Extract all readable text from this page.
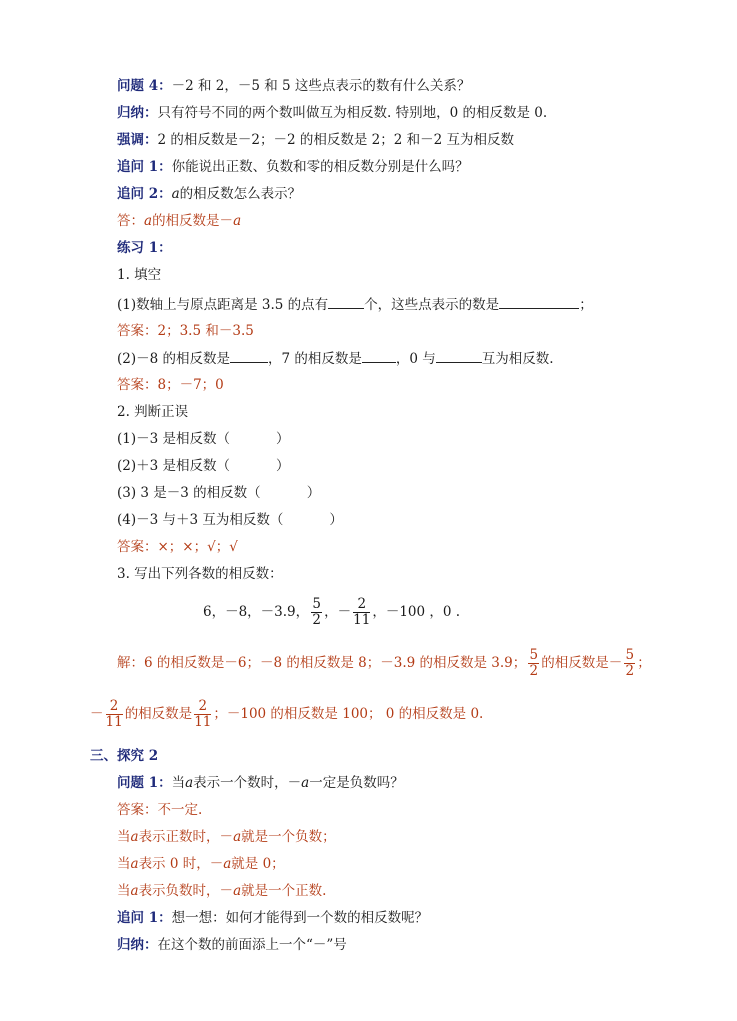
问题 4：－2 和 2，－5 和 5 这些点表示的数有什么关系？
归纳：只有符号不同的两个数叫做互为相反数. 特别地，0 的相反数是 0.
强调：2 的相反数是－2；－2 的相反数是 2；2 和－2 互为相反数
追问 1：你能说出正数、负数和零的相反数分别是什么吗？
追问 2：a的相反数怎么表示？
答：a的相反数是－a
练习 1：
1. 填空
(1)数轴上与原点距离是 3.5 的点有	个，这些点表示的数是	；
答案：2；3.5 和－3.5
(2)－8 的相反数是	，7 的相反数是	，0 与	互为相反数.
答案：8；－7；0
2. 判断正误
(1)－3 是相反数（	）
(2)＋3 是相反数（	）
(3) 3 是－3 的相反数（	）
(4)－3 与＋3 互为相反数（	）
答案：×；×；√；√
3. 写出下列各数的相反数：
6，－8，－3.9， $\frac{5}{2}$ ，－ $\frac{2}{11}$ ，－100 ，0 .
解：6 的相反数是－6；－8 的相反数是 8；－3.9 的相反数是 3.9； $\frac{5}{2}$ 的相反数是－ $\frac{5}{2}$ ；
－ $\frac{2}{11}$ 的相反数是 $\frac{2}{11}$ ；－100 的相反数是 100； 0 的相反数是 0.
三、探究 2
问题 1：当a表示一个数时，－a一定是负数吗？
答案：不一定.
当a表示正数时，－a就是一个负数；
当a表示 0 时，－a就是 0；
当a表示负数时，－a就是一个正数.
追问 1：想一想：如何才能得到一个数的相反数呢？
归纳：在这个数的前面添上一个“－”号
